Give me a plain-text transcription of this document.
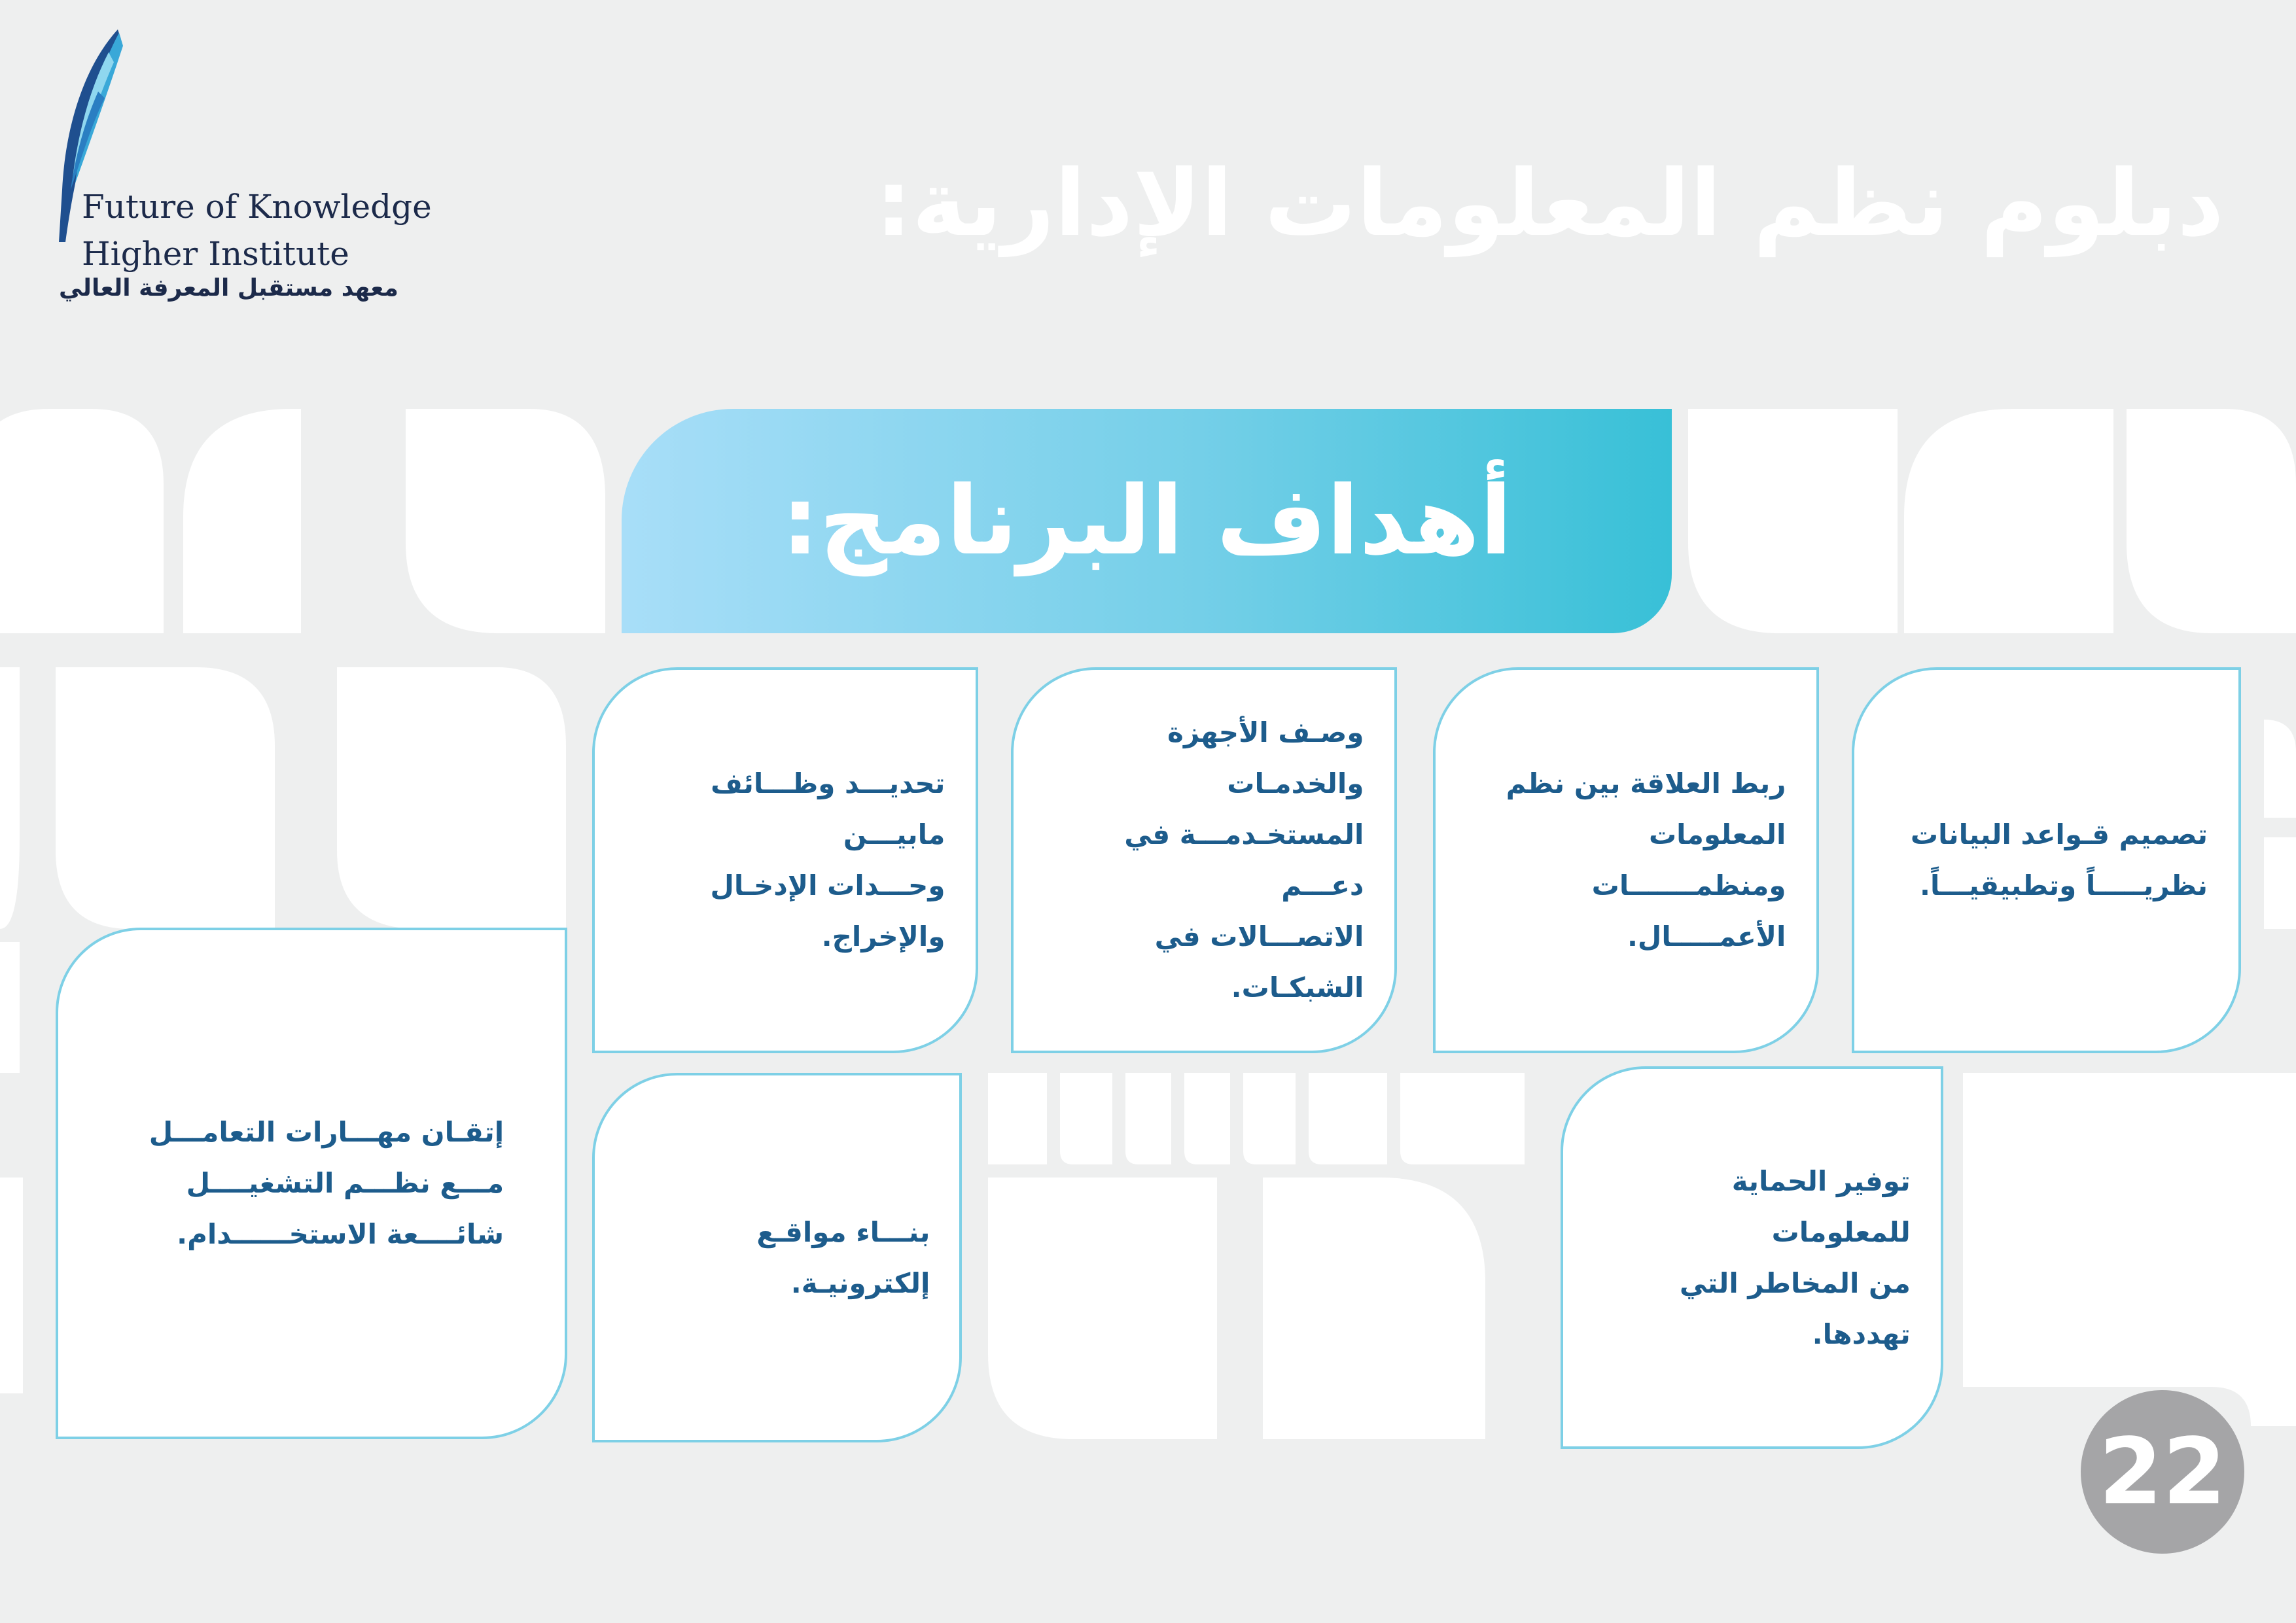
Future of Knowledge
Higher Institute
معهد مستقبل المعرفة العالي
دبلوم نظم المعلومات الإدارية:
أهداف البرنامج:
تصميم قـواعد البيانات
نظريـــــاً وتطبيقيـــاً.
ربط العلاقة بين نظم المعلومات
ومنظمـــــــات الأعمـــــال.
وصـف الأجهزة والخدمـات
المستخـدمـــة في دعـــم
الاتصـــالات في الشبكـات.
تحديـــد وظـــائف مابيـــن
وحـــدات الإدخـال والإخراج.
إتقـان مهـــارات التعامـــل
مـــع نظـــم التشغيــــل
شائــــعة الاستخــــــدام.	بنـــاء مواقـع إلكترونيـة.
توفير الحماية للمعلومات
من المخاطر التي تهددها.
22
